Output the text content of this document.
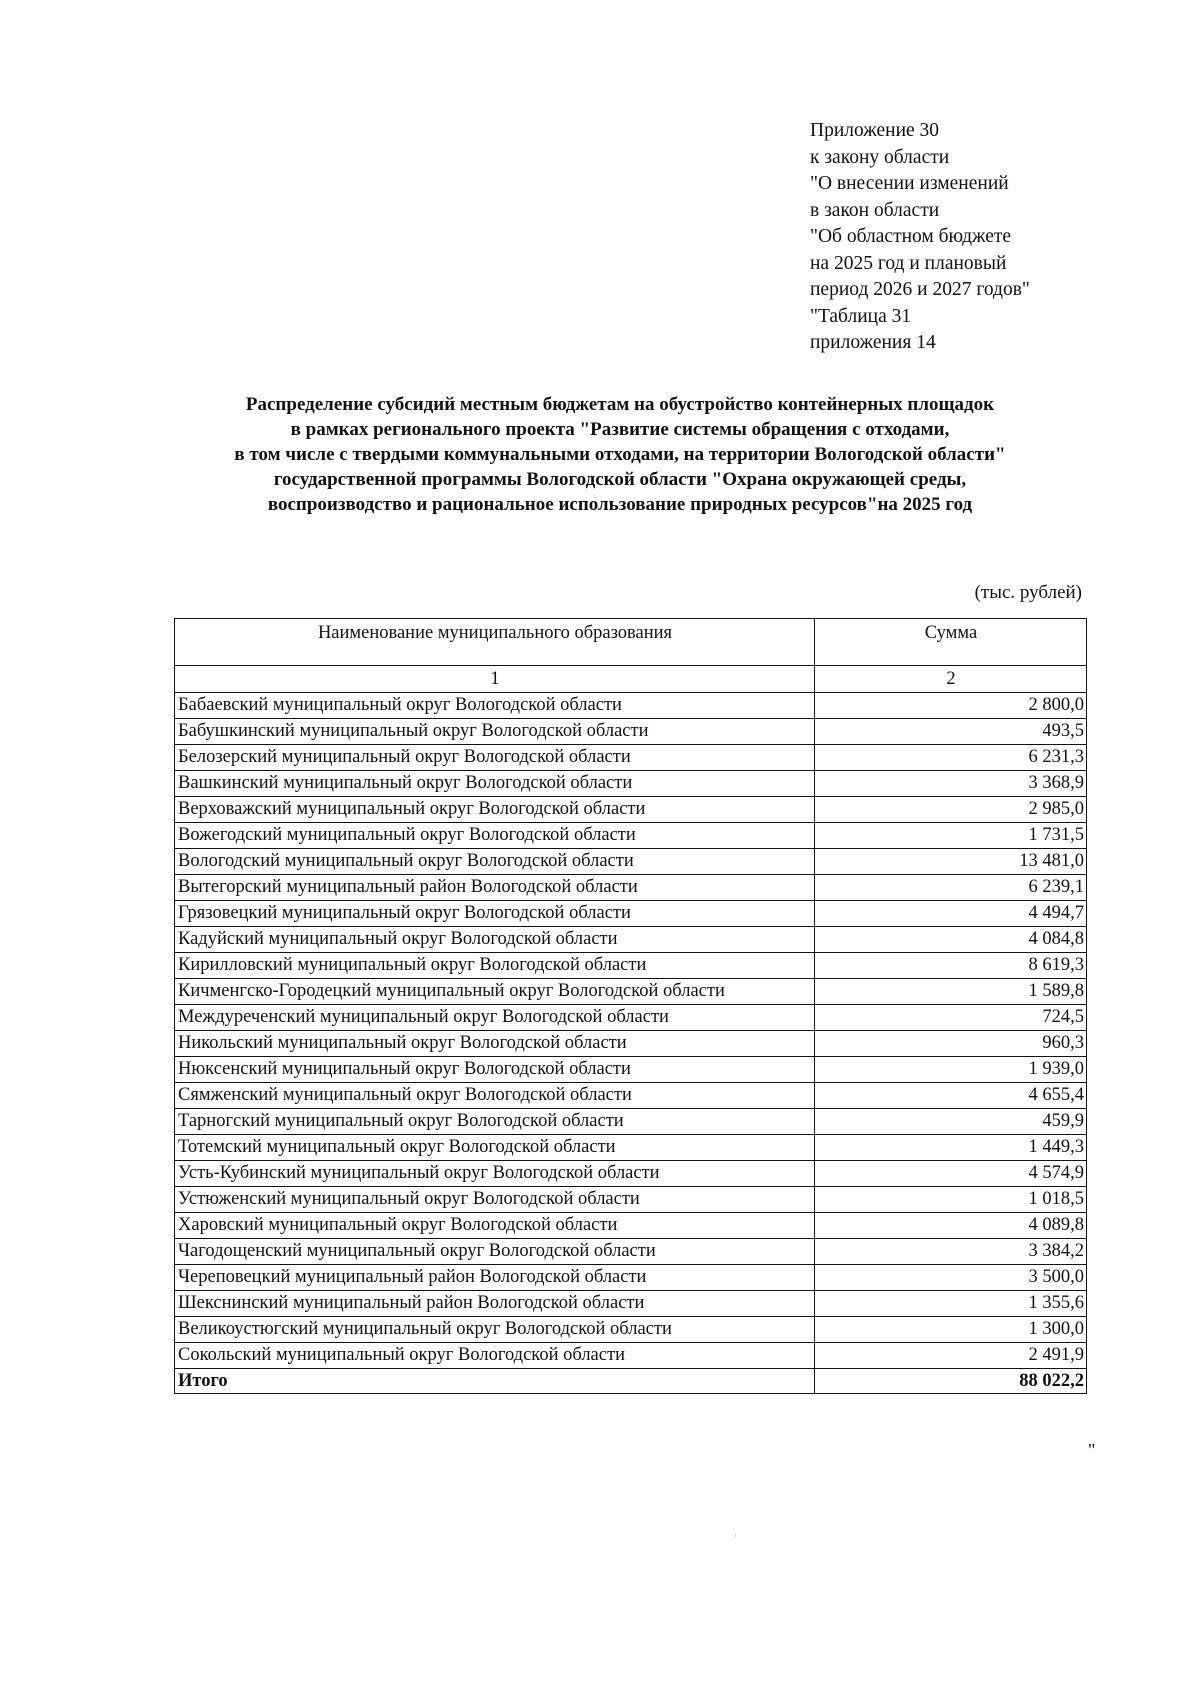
Приложение 30
к закону области
"О внесении изменений
в закон области
"Об областном бюджете
на 2025 год и плановый
период 2026 и 2027 годов"
"Таблица 31
приложения 14
Распределение субсидий местным бюджетам на обустройство контейнерных площадок
в рамках регионального проекта "Развитие системы обращения с отходами,
в том числе с твердыми коммунальными отходами, на территории Вологодской области"
государственной программы Вологодской области "Охрана окружающей среды,
воспроизводство и рациональное использование природных ресурсов"на 2025 год
(тыс. рублей)
Наименование муниципального образования	Сумма
1	2
Бабаевский муниципальный округ Вологодской области	2 800,0
Бабушкинский муниципальный округ Вологодской области	493,5
Белозерский муниципальный округ Вологодской области	6 231,3
Вашкинский муниципальный округ Вологодской области	3 368,9
Верховажский муниципальный округ Вологодской области	2 985,0
Вожегодский муниципальный округ Вологодской области	1 731,5
Вологодский муниципальный округ Вологодской области	13 481,0
Вытегорский муниципальный район Вологодской области	6 239,1
Грязовецкий муниципальный округ Вологодской области	4 494,7
Кадуйский муниципальный округ Вологодской области	4 084,8
Кирилловский муниципальный округ Вологодской области	8 619,3
Кичменгско-Городецкий муниципальный округ Вологодской области	1 589,8
Междуреченский муниципальный округ Вологодской области	724,5
Никольский муниципальный округ Вологодской области	960,3
Нюксенский муниципальный округ Вологодской области	1 939,0
Сямженский муниципальный округ Вологодской области	4 655,4
Тарногский муниципальный округ Вологодской области	459,9
Тотемский муниципальный округ Вологодской области	1 449,3
Усть-Кубинский муниципальный округ Вологодской области	4 574,9
Устюженский муниципальный округ Вологодской области	1 018,5
Харовский муниципальный округ Вологодской области	4 089,8
Чагодощенский муниципальный округ Вологодской области	3 384,2
Череповецкий муниципальный район Вологодской области	3 500,0
Шекснинский муниципальный район Вологодской области	1 355,6
Великоустюгский муниципальный округ Вологодской области	1 300,0
Сокольский муниципальный округ Вологодской области	2 491,9
Итого	88 022,2
"
